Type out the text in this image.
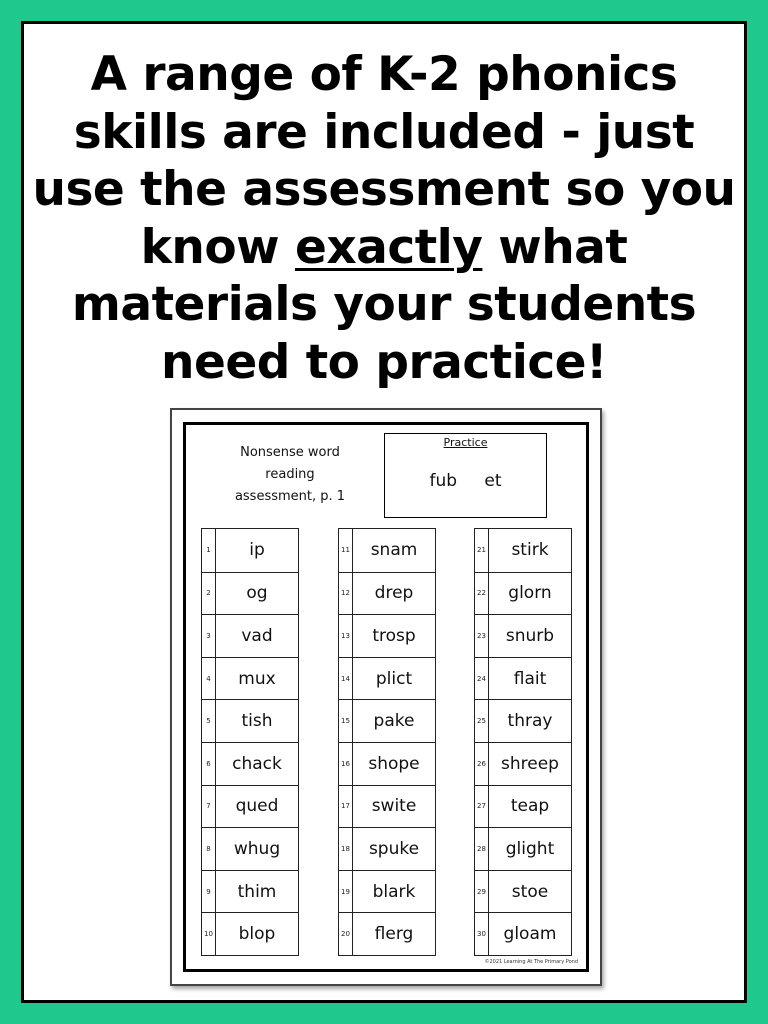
A range of K-2 phonics
skills are included - just
use the assessment so you
know exactly what
materials your students
need to practice!
Nonsense word reading assessment, p. 1
Practice
fub et
1	ip
2	og
3	vad
4	mux
5	tish
6	chack
7	qued
8	whug
9	thim
10	blop
11	snam
12	drep
13	trosp
14	plict
15	pake
16	shope
17	swite
18	spuke
19	blark
20	flerg
21	stirk
22	glorn
23	snurb
24	flait
25	thray
26 shreep
27	teap
28	glight
29	stoe
30	gloam
©2021 Learning At The Primary Pond
